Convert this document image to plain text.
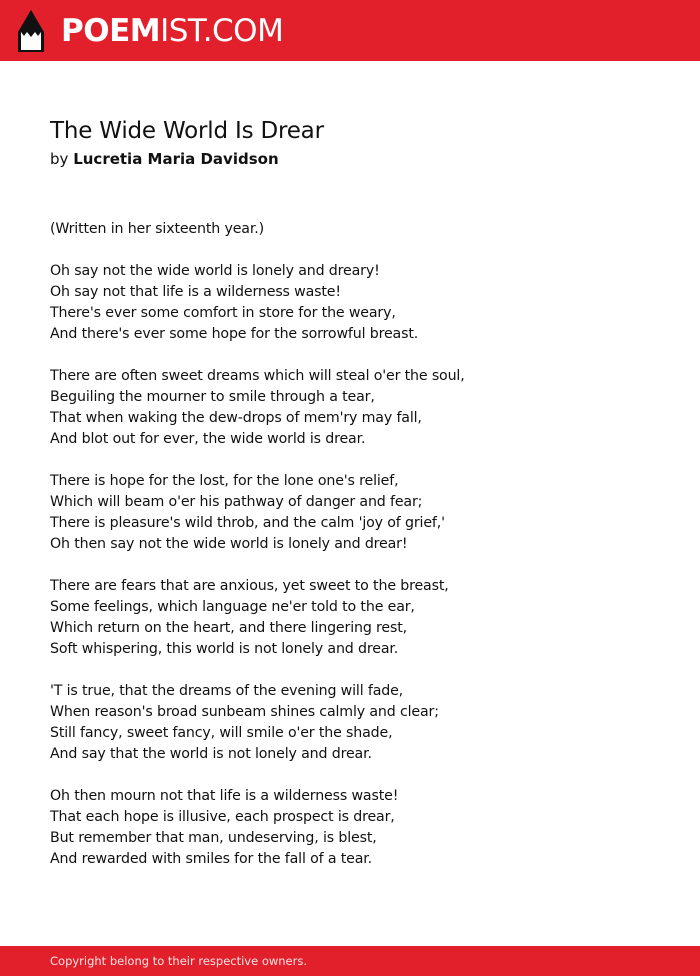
POEMIST.COM
The Wide World Is Drear
by Lucretia Maria Davidson
(Written in her sixteenth year.)
Oh say not the wide world is lonely and dreary!
Oh say not that life is a wilderness waste!
There's ever some comfort in store for the weary,
And there's ever some hope for the sorrowful breast.
There are often sweet dreams which will steal o'er the soul,
Beguiling the mourner to smile through a tear,
That when waking the dew-drops of mem'ry may fall,
And blot out for ever, the wide world is drear.
There is hope for the lost, for the lone one's relief,
Which will beam o'er his pathway of danger and fear;
There is pleasure's wild throb, and the calm 'joy of grief,'
Oh then say not the wide world is lonely and drear!
There are fears that are anxious, yet sweet to the breast,
Some feelings, which language ne'er told to the ear,
Which return on the heart, and there lingering rest,
Soft whispering, this world is not lonely and drear.
'T is true, that the dreams of the evening will fade,
When reason's broad sunbeam shines calmly and clear;
Still fancy, sweet fancy, will smile o'er the shade,
And say that the world is not lonely and drear.
Oh then mourn not that life is a wilderness waste!
That each hope is illusive, each prospect is drear,
But remember that man, undeserving, is blest,
And rewarded with smiles for the fall of a tear.
Copyright belong to their respective owners.
